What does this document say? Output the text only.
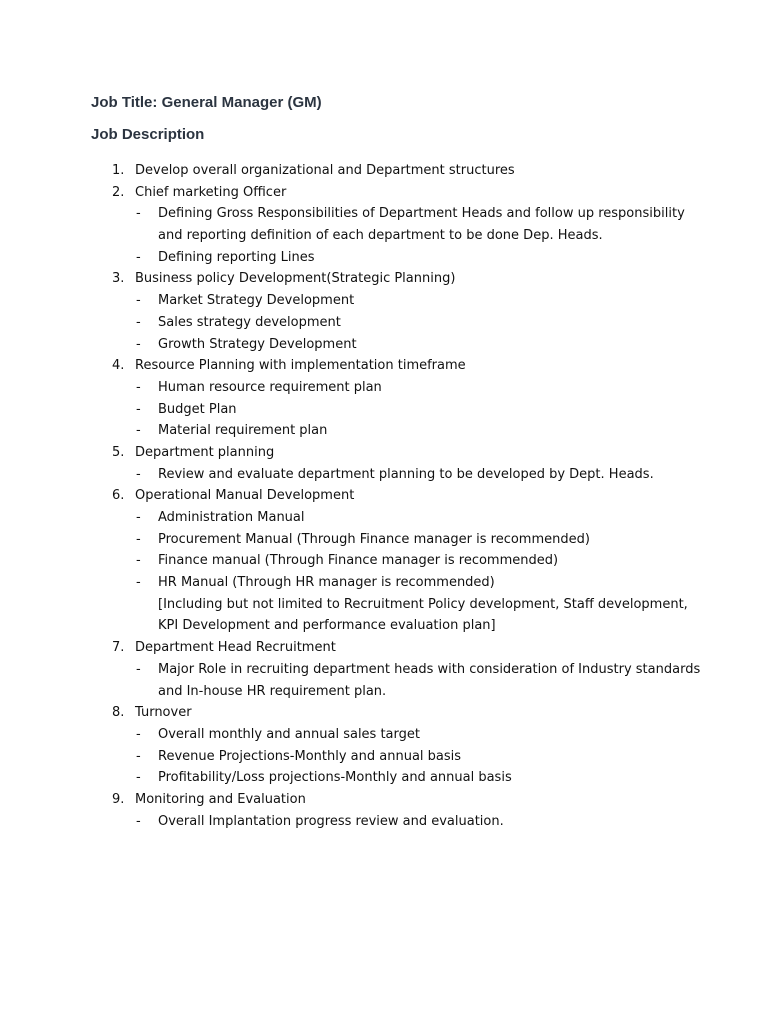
Job Title: General Manager (GM)
Job Description
1. Develop overall organizational and Department structures
2. Chief marketing Officer
- Defining Gross Responsibilities of Department Heads and follow up responsibility
and reporting definition of each department to be done Dep. Heads.
- Defining reporting Lines
3. Business policy Development(Strategic Planning)
- Market Strategy Development
- Sales strategy development
- Growth Strategy Development
4. Resource Planning with implementation timeframe
- Human resource requirement plan
- Budget Plan
- Material requirement plan
5. Department planning
- Review and evaluate department planning to be developed by Dept. Heads.
6. Operational Manual Development
- Administration Manual
- Procurement Manual (Through Finance manager is recommended)
- Finance manual (Through Finance manager is recommended)
- HR Manual (Through HR manager is recommended)
[Including but not limited to Recruitment Policy development, Staff development,
KPI Development and performance evaluation plan]
7. Department Head Recruitment
- Major Role in recruiting department heads with consideration of Industry standards
and In-house HR requirement plan.
8. Turnover
- Overall monthly and annual sales target
- Revenue Projections-Monthly and annual basis
- Profitability/Loss projections-Monthly and annual basis
9. Monitoring and Evaluation
- Overall Implantation progress review and evaluation.
